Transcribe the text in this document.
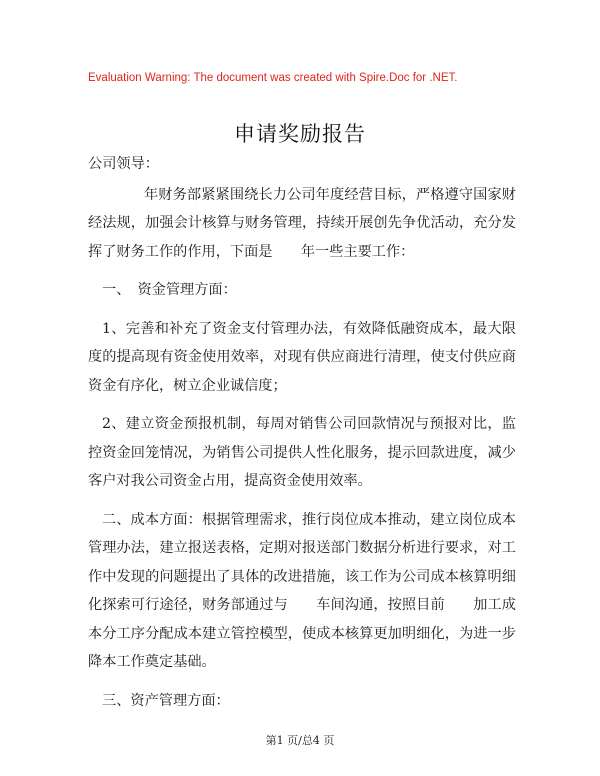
Evaluation Warning: The document was created with Spire.Doc for .NET.
申请奖励报告

公司领导：

年财务部紧紧围绕长力公司年度经营目标，严格遵守国家财经法规，加强会计核算与财务管理，持续开展创先争优活动，充分发挥了财务工作的作用，下面是　　年一些主要工作：

一、　资金管理方面：

1、完善和补充了资金支付管理办法，有效降低融资成本，最大限度的提高现有资金使用效率，对现有供应商进行清理，使支付供应商资金有序化，树立企业诚信度；

2、建立资金预报机制，每周对销售公司回款情况与预报对比，监控资金回笼情况，为销售公司提供人性化服务，提示回款进度，减少客户对我公司资金占用，提高资金使用效率。

二、成本方面：根据管理需求，推行岗位成本推动，建立岗位成本管理办法，建立报送表格，定期对报送部门数据分析进行要求，对工作中发现的问题提出了具体的改进措施，该工作为公司成本核算明细化探索可行途径，财务部通过与　　车间沟通，按照目前　　加工成本分工序分配成本建立管控模型，使成本核算更加明细化，为进一步降本工作奠定基础。

三、资产管理方面：

第1 页/总4 页
